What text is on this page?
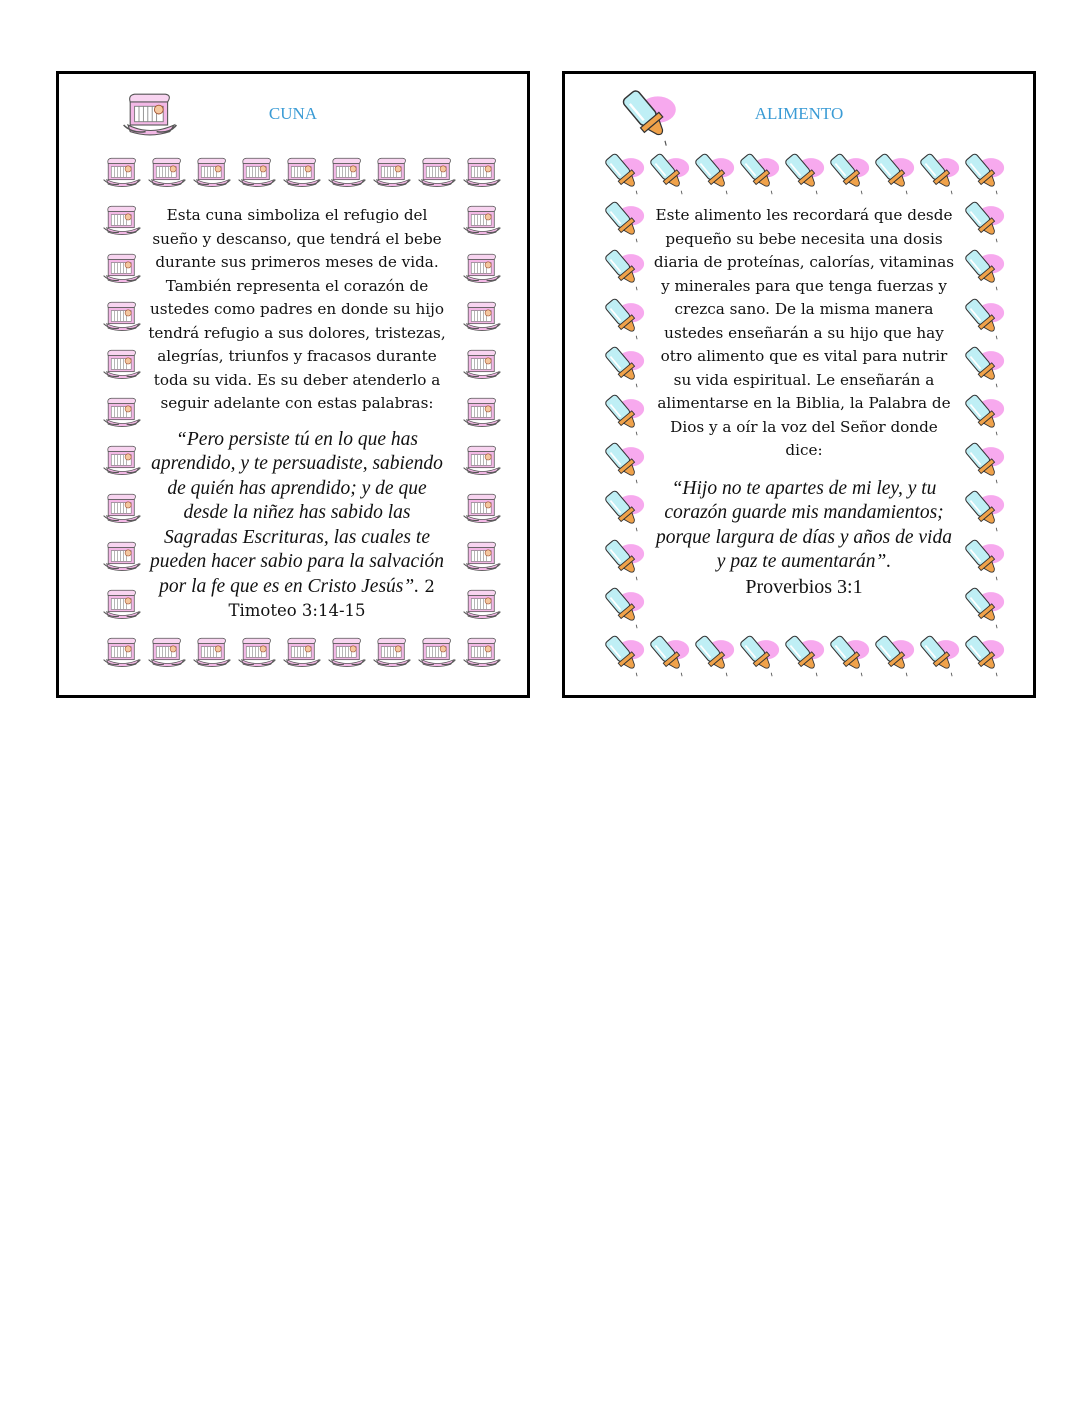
CUNA

Esta cuna simboliza el refugio del sueño y descanso, que tendrá el bebe durante sus primeros meses de vida. También representa el corazón de ustedes como padres en donde su hijo tendrá refugio a sus dolores, tristezas, alegrías, triunfos y fracasos durante toda su vida. Es su deber atenderlo a seguir adelante con estas palabras:

“Pero persiste tú en lo que has aprendido, y te persuadiste, sabiendo de quién has aprendido; y de que desde la niñez has sabido las Sagradas Escrituras, las cuales te pueden hacer sabio para la salvación por la fe que es en Cristo Jesús”. 2 Timoteo 3:14-15

ALIMENTO

Este alimento les recordará que desde pequeño su bebe necesita una dosis diaria de proteínas, calorías, vitaminas y minerales para que tenga fuerzas y crezca sano. De la misma manera ustedes enseñarán a su hijo que hay otro alimento que es vital para nutrir su vida espiritual. Le enseñarán a alimentarse en la Biblia, la Palabra de Dios y a oír la voz del Señor donde dice:

“Hijo no te apartes de mi ley, y tu corazón guarde mis mandamientos; porque largura de días y años de vida y paz te aumentarán”.

Proverbios 3:1
